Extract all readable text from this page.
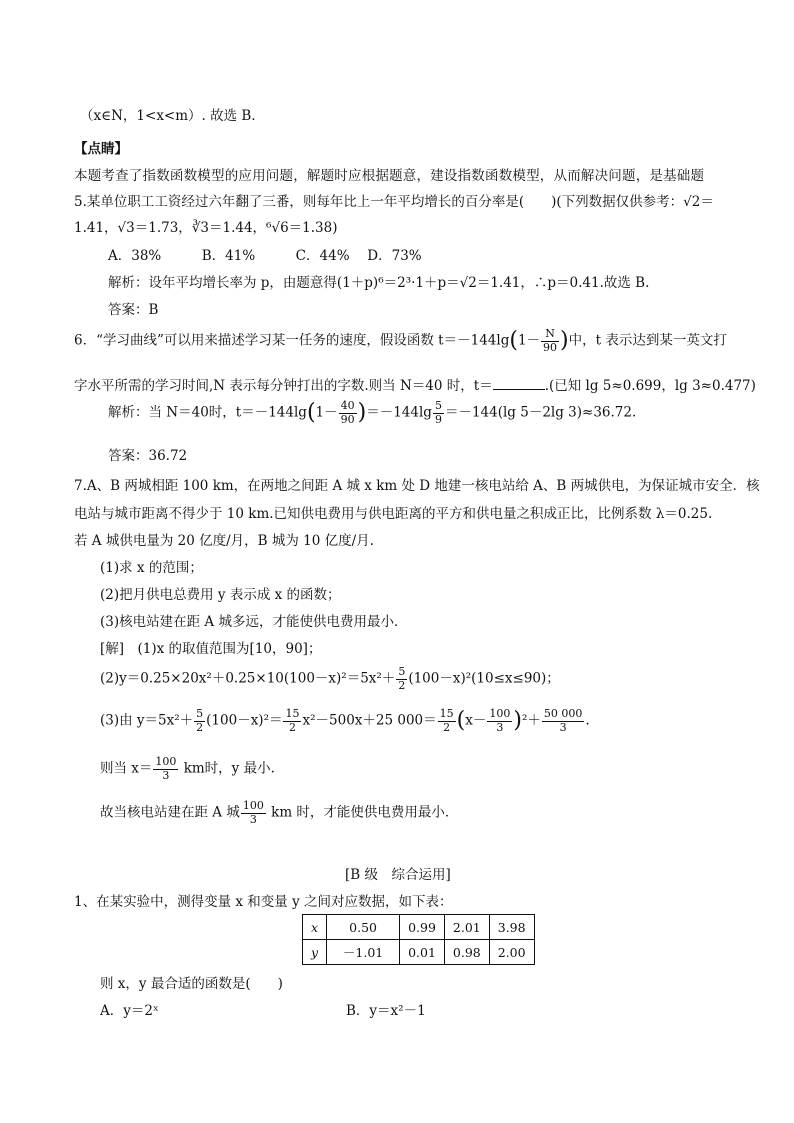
（x∈N，1<x<m）. 故选 B．
【点睛】
本题考查了指数函数模型的应用问题，解题时应根据题意，建设指数函数模型，从而解决问题，是基础题
5.某单位职工工资经过六年翻了三番，则每年比上一年平均增长的百分率是(　　)(下列数据仅供参考：√2＝
1.41，√3＝1.73，∛3＝1.44，⁶√6＝1.38)
A．38%　　　B．41%　　　C．44%　 D．73%
解析：设年平均增长率为 p，由题意得(1＋p)⁶＝2³·1＋p＝√2＝1.41，∴p＝0.41.故选 B.
答案：B
6．“学习曲线”可以用来描述学习某一任务的速度，假设函数 $t=-144\lg(1- \frac{N}{90}$ )中，t 表示达到某一英文打
字水平所需的学习时间,N 表示每分钟打出的字数.则当 N＝40 时，t＝	.(已知 lg 5≈0.699，lg 3≈0.477)
解析：当 N＝40时，$t=-144\lg(1- \frac{40}{90} )=-144\lg \frac{5}{9} =-144(\lg$ 5－2lg 3)≈36.72.
答案：36.72
7.A、B 两城相距 100 km，在两地之间距 A 城 x km 处 D 地建一核电站给 A、B 两城供电，为保证城市安全．核
电站与城市距离不得少于 10 km.已知供电费用与供电距离的平方和供电量之积成正比，比例系数 λ＝0.25.
若 A 城供电量为 20 亿度/月，B 城为 10 亿度/月.
(1)求 x 的范围；
(2)把月供电总费用 y 表示成 x 的函数；
(3)核电站建在距 A 城多远，才能使供电费用最小．
[解]　(1)x 的取值范围为[10，90]；
$(2)y=0.25\times 20x^2+0.25\times 10(100-x)^2=5x^2+ \frac{5}{2} (100-x)^2(10\le x\le 90)$；
(3)由 $y=5x^2+ \frac{5}{2} (100-x)^2= \frac{15}{2} x^2-500x+25$ $000= \frac{15}{2} (x- \frac{100}{3} )^2+ \frac{50 000}{3}$ .
则当 $x= \frac{100}{3}$ km时，y 最小.
故当核电站建在距 A 城 $\frac{100}{3}$ km 时，才能使供电费用最小．
[B 级　综合运用]
1、在某实验中，测得变量 x 和变量 y 之间对应数据，如下表：
x	0.50	0.99	2.01	3.98
y	－1.01	0.01	0.98	2.00
则 x，y 最合适的函数是(　　)
A．y＝2ˣ	B．y＝x²－1
